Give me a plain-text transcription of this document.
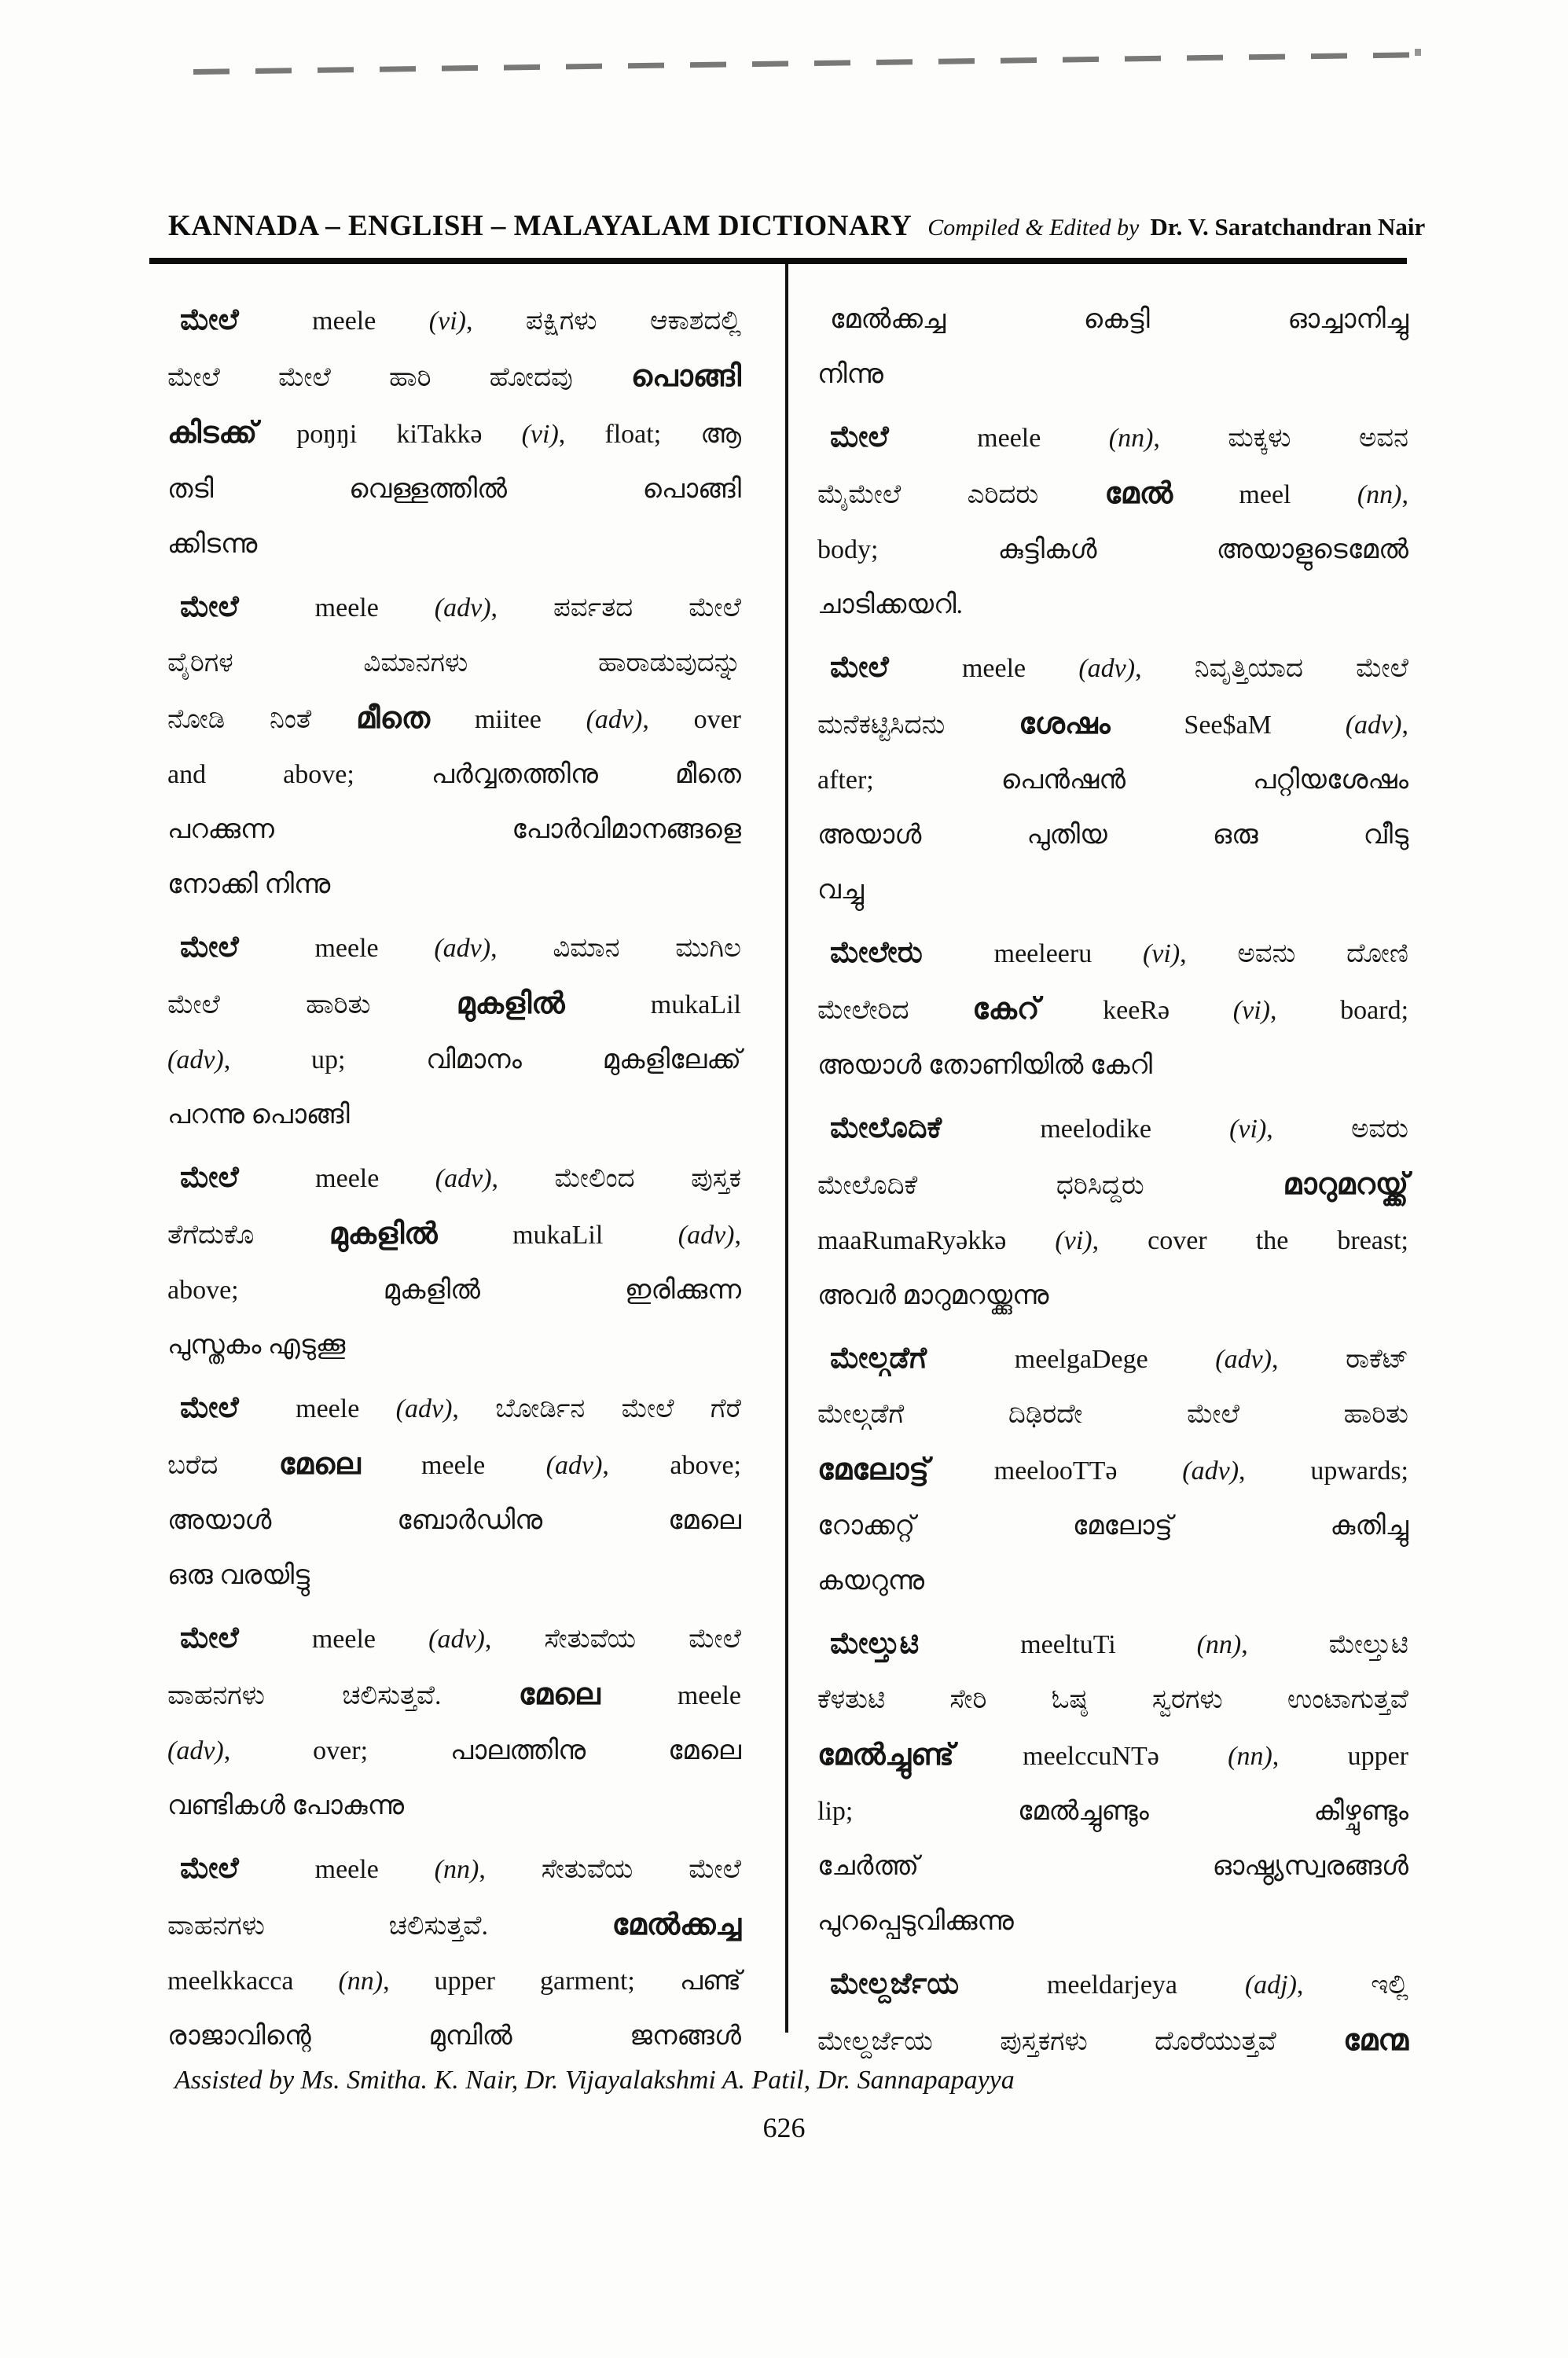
KANNADA – ENGLISH – MALAYALAM DICTIONARY Compiled & Edited by Dr. V. Saratchandran Nair
ಮೇಲೆ meele (vi), ಪಕ್ಷಿಗಳು ಆಕಾಶದಲ್ಲಿ
ಮೇಲೆ ಮೇಲೆ ಹಾರಿ ಹೋದವು പൊങ്ങി
കിടക്ക് poŋŋi kiTakkə (vi), float; ആ
തടി വെള്ളത്തിൽ പൊങ്ങി
ക്കിടന്നു
ಮೇಲೆ meele (adv), ಪರ್ವತದ ಮೇಲೆ
ವೈರಿಗಳ ವಿಮಾನಗಳು ಹಾರಾಡುವುದನ್ನು
ನೋಡಿ ನಿಂತೆ മീതെ miitee (adv), over
and above; പർവ്വതത്തിനു മീതെ
പറക്കുന്ന പോർവിമാനങ്ങളെ
നോക്കി നിന്നു
ಮೇಲೆ meele (adv), ವಿಮಾನ ಮುಗಿಲ
ಮೇಲೆ ಹಾರಿತು മുകളിൽ mukaLil
(adv), up; വിമാനം മുകളിലേക്ക്
പറന്നു പൊങ്ങി
ಮೇಲೆ meele (adv), ಮೇಲಿಂದ ಪುಸ್ತಕ
ತೆಗೆದುಕೊ മുകളിൽ mukaLil (adv),
above; മുകളിൽ ഇരിക്കുന്ന
പുസ്തകം എടുക്കൂ
ಮೇಲೆ meele (adv), ಬೋರ್ಡಿನ ಮೇಲೆ ಗೆರೆ
ಬರೆದ മേലെ meele (adv), above;
അയാൾ ബോർഡിനു മേലെ
ഒരു വരയിട്ടു
ಮೇಲೆ meele (adv), ಸೇತುವೆಯ ಮೇಲೆ
ವಾಹನಗಳು ಚಲಿಸುತ್ತವೆ. മേലെ meele
(adv), over; പാലത്തിനു മേലെ
വണ്ടികൾ പോകുന്നു
ಮೇಲೆ meele (nn), ಸೇತುವೆಯ ಮೇಲೆ
ವಾಹನಗಳು ಚಲಿಸುತ್ತವೆ. മേൽക്കച്ച
meelkkacca (nn), upper garment; പണ്ട്
രാജാവിന്റെ മുമ്പിൽ ജനങ്ങൾ
മേൽക്കച്ച കെട്ടി ഓച്ചാനിച്ചു
നിന്നു
ಮೇಲೆ meele (nn), ಮಕ್ಕಳು ಅವನ
ಮೈಮೇಲೆ ಎರಿದರು മേൽ meel (nn),
body; കുട്ടികൾ അയാളുടെമേൽ
ചാടിക്കയറി.
ಮೇಲೆ meele (adv), ನಿವೃತ್ತಿಯಾದ ಮೇಲೆ
ಮನೆಕಟ್ಟಿಸಿದನು ശേഷം See$aM (adv),
after; പെൻഷൻ പറ്റിയശേഷം
അയാൾ പുതിയ ഒരു വീടു
വച്ചു
ಮೇಲೇರು meeleeru (vi), ಅವನು ದೋಣಿ
ಮೇಲೇರಿದ കേറ് keeRə (vi), board;
അയാൾ തോണിയിൽ കേറി
ಮೇಲೊದಿಕೆ meelodike (vi), ಅವರು
ಮೇಲೊದಿಕೆ ಧರಿಸಿದ್ದರು മാറുമറയ്ക്ക്
maaRumaRyəkkə (vi), cover the breast;
അവർ മാറുമറയ്ക്കുന്നു
ಮೇಲ್ಗಡೆಗೆ meelgaDege (adv), ರಾಕೆಟ್
ಮೇಲ್ಗಡೆಗೆ ದಿಢಿರದೇ ಮೇಲೆ ಹಾರಿತು
മേലോട്ട് meelooTTə (adv), upwards;
റോക്കറ്റ് മേലോട്ട് കുതിച്ചു
കയറുന്നു
ಮೇಲ್ತುಟಿ meeltuTi (nn), ಮೇಲ್ತುಟಿ
ಕೆಳತುಟಿ ಸೇರಿ ಓಷ್ಠ ಸ್ವರಗಳು ಉಂಟಾಗುತ್ತವೆ
മേൽച്ചുണ്ട് meelccuNTə (nn), upper
lip; മേൽച്ചുണ്ടും കീഴ്ചുണ്ടും
ചേർത്ത് ഓഷ്ഠ്യസ്വരങ്ങൾ
പുറപ്പെടുവിക്കുന്നു
ಮೇಲ್ದರ್ಜೆಯ meeldarjeya (adj), ಇಲ್ಲಿ
ಮೇಲ್ದರ್ಜೆಯ ಪುಸ್ತಕಗಳು ದೊರೆಯುತ್ತವೆ മേന്മ
Assisted by Ms. Smitha. K. Nair, Dr. Vijayalakshmi A. Patil, Dr. Sannapapayya
626
